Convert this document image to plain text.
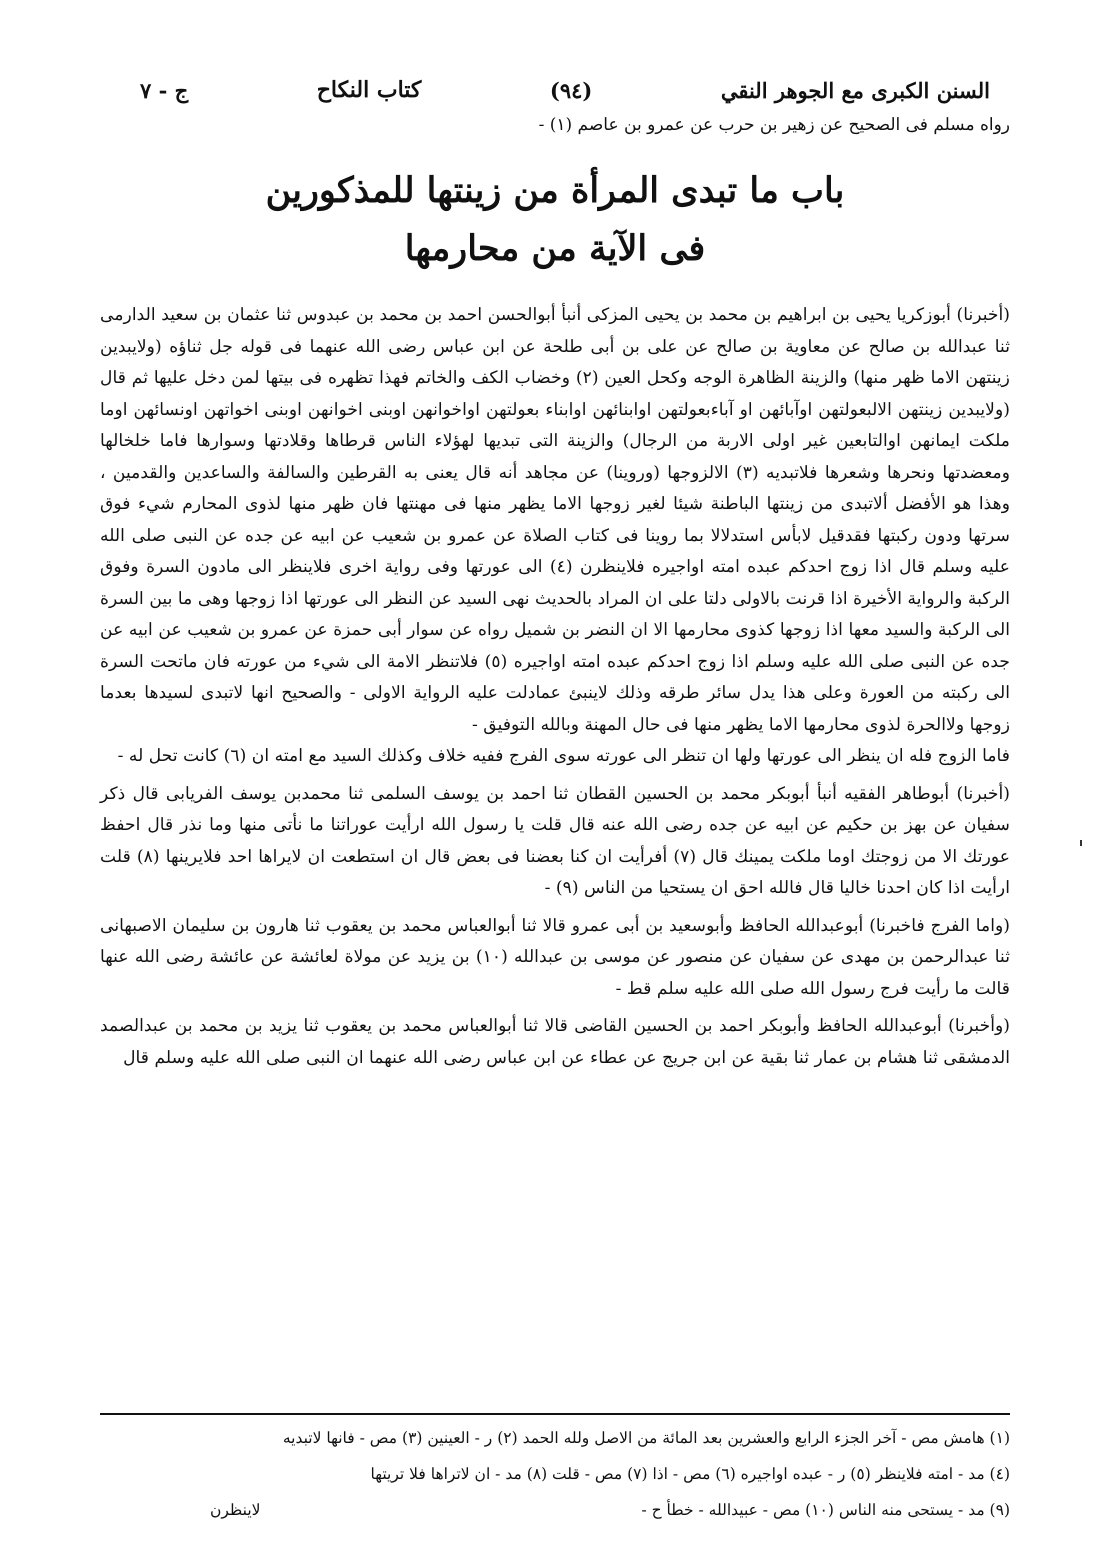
السنن الكبرى مع الجوهر النقي
(٩٤)
كتاب النكاح
ج - ٧
رواه مسلم فى الصحيح عن زهير بن حرب عن عمرو بن عاصم (١) -
باب ما تبدى المرأة من زينتها للمذكورين
فى الآية من محارمها

(أخبرنا) أبوزكريا يحيى بن ابراهيم بن محمد بن يحيى المزكى أنبأ أبوالحسن احمد بن محمد بن عبدوس ثنا عثمان بن سعيد الدارمى ثنا عبدالله بن صالح عن معاوية بن صالح عن على بن أبى طلحة عن ابن عباس رضى الله عنهما فى قوله جل ثناؤه (ولايبدين زينتهن الاما ظهر منها) والزينة الظاهرة الوجه وكحل العين (٢) وخضاب الكف والخاتم فهذا تظهره فى بيتها لمن دخل عليها ثم قال (ولايبدين زينتهن الالبعولتهن اوآبائهن او آباءبعولتهن اوابنائهن اوابناء بعولتهن اواخوانهن اوبنى اخوانهن اوبنى اخواتهن اونسائهن اوما ملكت ايمانهن اوالتابعين غير اولى الاربة من الرجال) والزينة التى تبديها لهؤلاء الناس قرطاها وقلادتها وسوارها فاما خلخالها ومعضدتها ونحرها وشعرها فلاتبديه (٣) الالزوجها (وروينا) عن مجاهد أنه قال يعنى به القرطين والسالفة والساعدين والقدمين ، وهذا هو الأفضل ألاتبدى من زينتها الباطنة شيئا لغير زوجها الاما يظهر منها فى مهنتها فان ظهر منها لذوى المحارم شيء فوق سرتها ودون ركبتها فقدقيل لابأس استدلالا بما روينا فى كتاب الصلاة عن عمرو بن شعيب عن ابيه عن جده عن النبى صلى الله عليه وسلم قال اذا زوج احدكم عبده امته اواجيره فلاينظرن (٤) الى عورتها وفى رواية اخرى فلاينظر الى مادون السرة وفوق الركبة والرواية الأخيرة اذا قرنت بالاولى دلتا على ان المراد بالحديث نهى السيد عن النظر الى عورتها اذا زوجها وهى ما بين السرة الى الركبة والسيد معها اذا زوجها كذوى محارمها الا ان النضر بن شميل رواه عن سوار أبى حمزة عن عمرو بن شعيب عن ابيه عن جده عن النبى صلى الله عليه وسلم اذا زوج احدكم عبده امته اواجيره (٥) فلاتنظر الامة الى شيء من عورته فان ماتحت السرة الى ركبته من العورة وعلى هذا يدل سائر طرقه وذلك لاينبئ عمادلت عليه الرواية الاولى - والصحيح انها لاتبدى لسيدها بعدما زوجها ولاالحرة لذوى محارمها الاما يظهر منها فى حال المهنة وبالله التوفيق -

فاما الزوج فله ان ينظر الى عورتها ولها ان تنظر الى عورته سوى الفرج ففيه خلاف وكذلك السيد مع امته ان (٦) كانت تحل له -

(أخبرنا) أبوطاهر الفقيه أنبأ أبوبكر محمد بن الحسين القطان ثنا احمد بن يوسف السلمى ثنا محمدبن يوسف الفريابى قال ذكر سفيان عن بهز بن حكيم عن ابيه عن جده رضى الله عنه قال قلت يا رسول الله ارأيت عوراتنا ما نأتى منها وما نذر قال احفظ عورتك الا من زوجتك اوما ملكت يمينك قال (٧) أفرأيت ان كنا بعضنا فى بعض قال ان استطعت ان لايراها احد فلايرينها (٨) قلت ارأيت اذا كان احدنا خاليا قال فالله احق ان يستحيا من الناس (٩) -

(واما الفرج فاخبرنا) أبوعبدالله الحافظ وأبوسعيد بن أبى عمرو قالا ثنا أبوالعباس محمد بن يعقوب ثنا هارون بن سليمان الاصبهانى ثنا عبدالرحمن بن مهدى عن سفيان عن منصور عن موسى بن عبدالله (١٠) بن يزيد عن مولاة لعائشة عن عائشة رضى الله عنها قالت ما رأيت فرج رسول الله صلى الله عليه سلم قط -

(وأخبرنا) أبوعبدالله الحافظ وأبوبكر احمد بن الحسين القاضى قالا ثنا أبوالعباس محمد بن يعقوب ثنا يزيد بن محمد بن عبدالصمد الدمشقى ثنا هشام بن عمار ثنا بقية عن ابن جريج عن عطاء عن ابن عباس رضى الله عنهما ان النبى صلى الله عليه وسلم قال

(١) هامش مص - آخر الجزء الرابع والعشرين بعد المائة من الاصل ولله الحمد (٢) ر - العينين (٣) مص - فانها لاتبديه
(٤) مد - امته فلاينظر (٥) ر - عبده اواجيره (٦) مص - اذا (٧) مص - قلت (٨) مد - ان لاتراها فلا تريتها
(٩) مد - يستحى منه الناس (١٠) مص - عبيدالله - خطأ ح -
لاينظرن
